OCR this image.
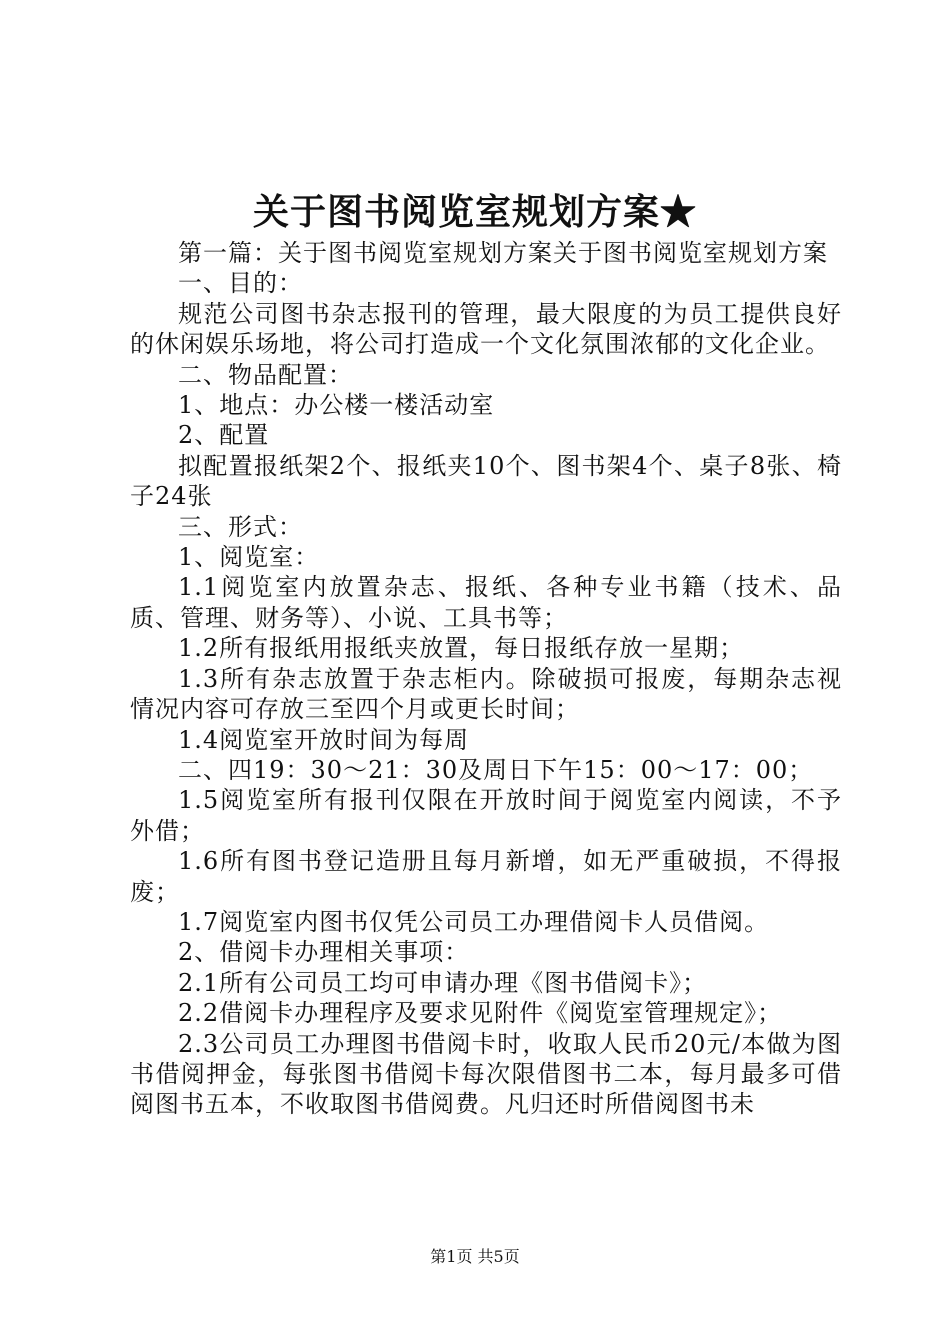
关于图书阅览室规划方案★

第一篇：关于图书阅览室规划方案关于图书阅览室规划方案

一、目的：

规范公司图书杂志报刊的管理，最大限度的为员工提供良好的休闲娱乐场地，将公司打造成一个文化氛围浓郁的文化企业。

二、物品配置：

1、地点：办公楼一楼活动室

2、配置

拟配置报纸架2个、报纸夹10个、图书架4个、桌子8张、椅子24张

三、形式：

1、阅览室：

1.1阅览室内放置杂志、报纸、各种专业书籍（技术、品质、管理、财务等）、小说、工具书等；

1.2所有报纸用报纸夹放置，每日报纸存放一星期；

1.3所有杂志放置于杂志柜内。除破损可报废，每期杂志视情况内容可存放三至四个月或更长时间；

1.4阅览室开放时间为每周

二、四19：30～21：30及周日下午15：00～17：00；

1.5阅览室所有报刊仅限在开放时间于阅览室内阅读，不予外借；

1.6所有图书登记造册且每月新增，如无严重破损，不得报废；

1.7阅览室内图书仅凭公司员工办理借阅卡人员借阅。

2、借阅卡办理相关事项：

2.1所有公司员工均可申请办理《图书借阅卡》；

2.2借阅卡办理程序及要求见附件《阅览室管理规定》；

2.3公司员工办理图书借阅卡时，收取人民币20元/本做为图书借阅押金，每张图书借阅卡每次限借图书二本，每月最多可借阅图书五本，不收取图书借阅费。凡归还时所借阅图书未

第1页 共5页
